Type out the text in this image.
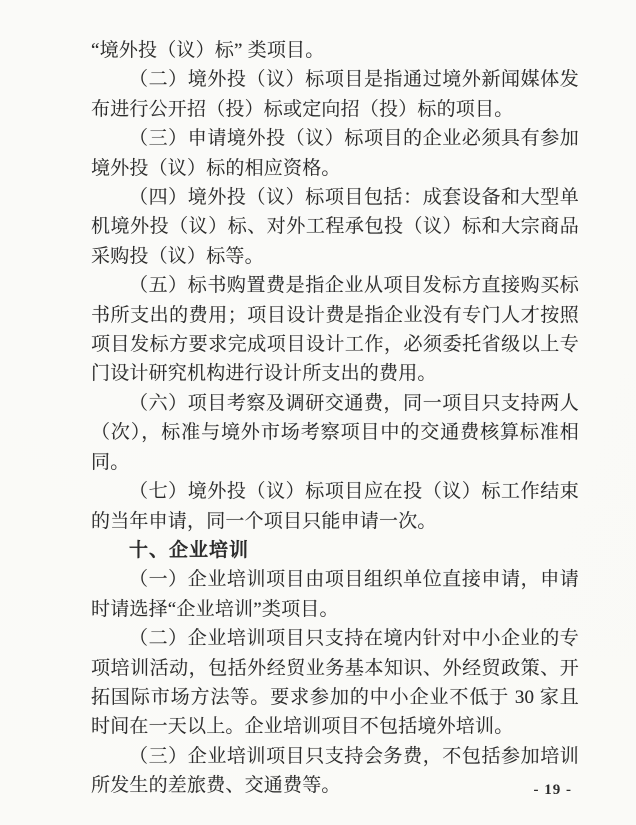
“境外投（议）标” 类项目。

（二）境外投（议）标项目是指通过境外新闻媒体发布进行公开招（投）标或定向招（投）标的项目。

（三）申请境外投（议）标项目的企业必须具有参加境外投（议）标的相应资格。

（四）境外投（议）标项目包括：成套设备和大型单机境外投（议）标、对外工程承包投（议）标和大宗商品采购投（议）标等。

（五）标书购置费是指企业从项目发标方直接购买标书所支出的费用；项目设计费是指企业没有专门人才按照项目发标方要求完成项目设计工作，必须委托省级以上专门设计研究机构进行设计所支出的费用。

（六）项目考察及调研交通费，同一项目只支持两人（次），标准与境外市场考察项目中的交通费核算标准相同。

（七）境外投（议）标项目应在投（议）标工作结束的当年申请，同一个项目只能申请一次。

十、企业培训

（一）企业培训项目由项目组织单位直接申请，申请时请选择“企业培训”类项目。

（二）企业培训项目只支持在境内针对中小企业的专项培训活动，包括外经贸业务基本知识、外经贸政策、开拓国际市场方法等。要求参加的中小企业不低于 30 家且时间在一天以上。企业培训项目不包括境外培训。

（三）企业培训项目只支持会务费，不包括参加培训所发生的差旅费、交通费等。	- 19 -
